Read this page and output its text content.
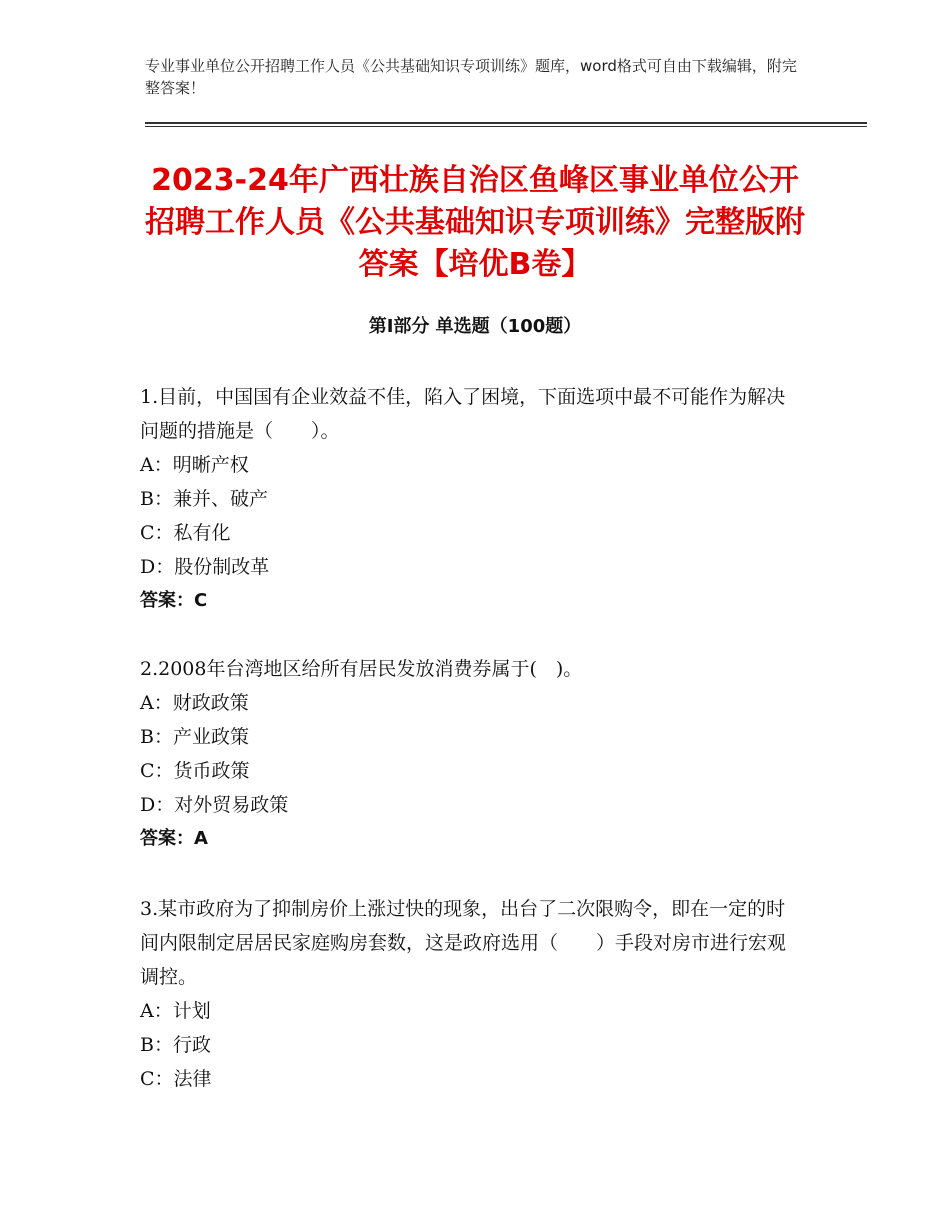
专业事业单位公开招聘工作人员《公共基础知识专项训练》题库，word格式可自由下载编辑，附完整答案！
2023-24年广西壮族自治区鱼峰区事业单位公开招聘工作人员《公共基础知识专项训练》完整版附答案【培优B卷】
第Ⅰ部分 单选题（100题）

1.目前，中国国有企业效益不佳，陷入了困境，下面选项中最不可能作为解决问题的措施是（　　）。

A：明晰产权

B：兼并、破产

C：私有化

D：股份制改革

答案：C

2.2008年台湾地区给所有居民发放消费券属于(　)。

A：财政政策

B：产业政策

C：货币政策

D：对外贸易政策

答案：A

3.某市政府为了抑制房价上涨过快的现象，出台了二次限购令，即在一定的时间内限制定居居民家庭购房套数，这是政府选用（　　）手段对房市进行宏观调控。

A：计划

B：行政

C：法律
